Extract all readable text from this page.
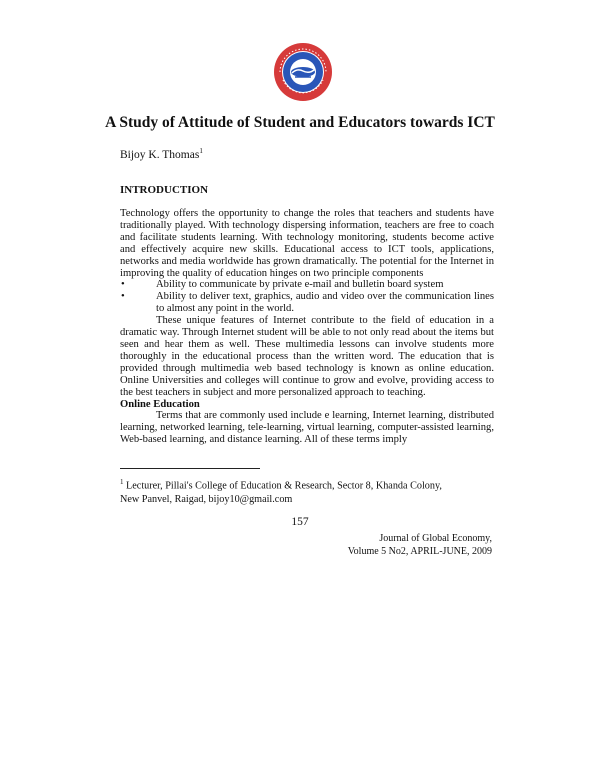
A Study of Attitude of Student and Educators towards ICT
Bijoy K. Thomas$^1$
INTRODUCTION

Technology offers the opportunity to change the roles that teachers and students have traditionally played. With technology dispersing information, teachers are free to coach and facilitate students learning. With technology monitoring, students become active and effectively acquire new skills. Educational access to ICT tools, applications, networks and media worldwide has grown dramatically. The potential for the Internet in improving the quality of education hinges on two principle components

•	Ability to communicate by private e-mail and bulletin board system
•	Ability to deliver text, graphics, audio and video over the communication lines to almost any point in the world.

These unique features of Internet contribute to the field of education in a dramatic way. Through Internet student will be able to not only read about the items but seen and hear them as well. These multimedia lessons can involve students more thoroughly in the educational process than the written word. The education that is provided through multimedia web based technology is known as online education. Online Universities and colleges will continue to grow and evolve, providing access to the best teachers in subject and more personalized approach to teaching.

Online Education

Terms that are commonly used include e learning, Internet learning, distributed learning, networked learning, tele-learning, virtual learning, computer-assisted learning, Web-based learning, and distance learning. All of these terms imply

$^1$ Lecturer, Pillai's College of Education & Research, Sector 8, Khanda Colony,
New Panvel, Raigad, bijoy10@gmail.com
157
Journal of Global Economy,
Volume 5 No2, APRIL-JUNE, 2009
